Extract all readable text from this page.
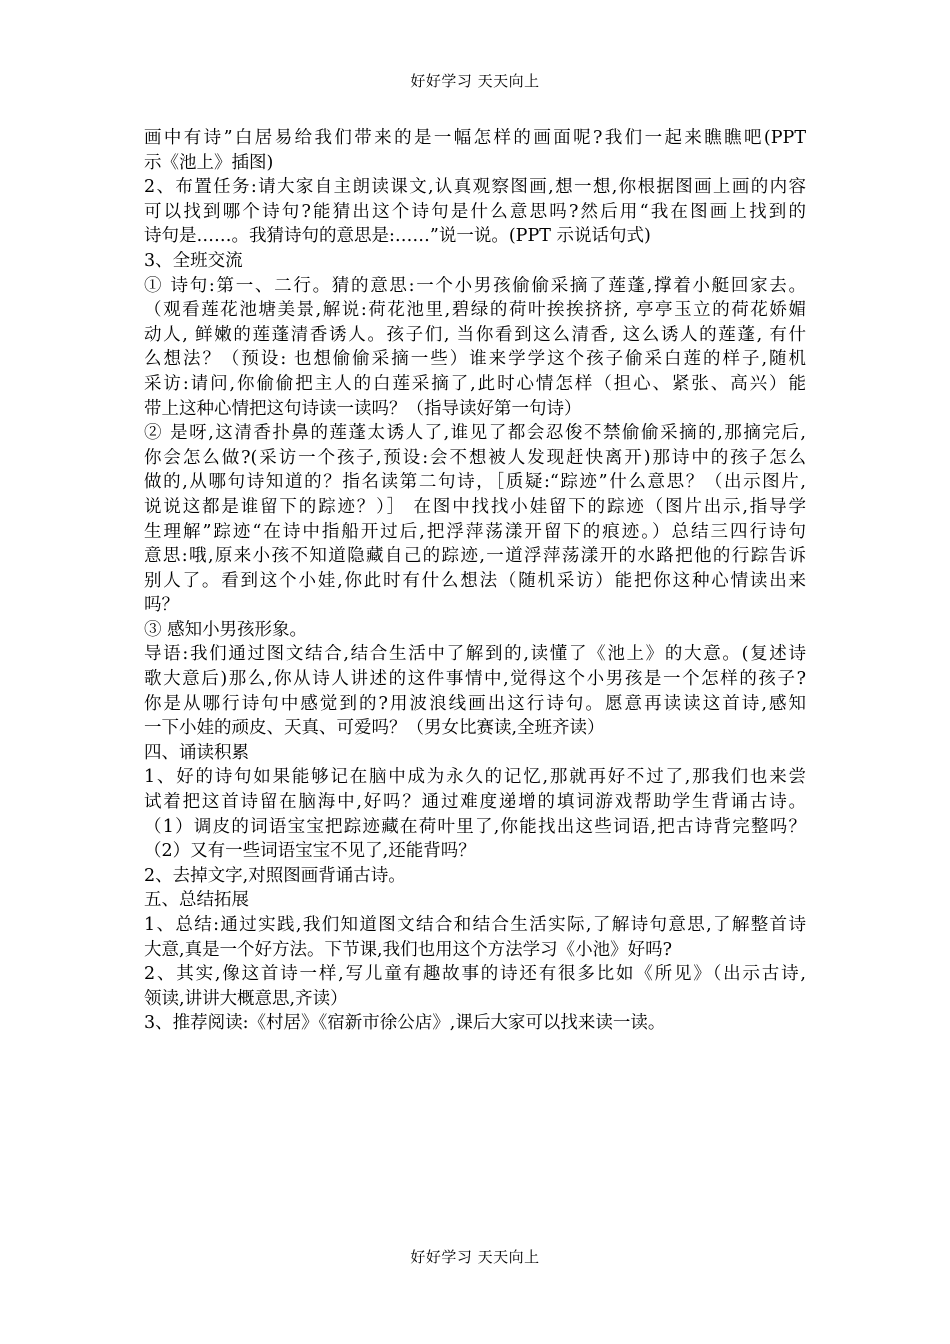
好好学习 天天向上
画中有诗”白居易给我们带来的是一幅怎样的画面呢?我们一起来瞧瞧吧(PPT
示《池上》插图)
2、布置任务:请大家自主朗读课文,认真观察图画,想一想,你根据图画上画的内容
可以找到哪个诗句?能猜出这个诗句是什么意思吗?然后用“我在图画上找到的
诗句是……。我猜诗句的意思是:……”说一说。(PPT 示说话句式)
3、全班交流
① 诗句:第一、二行。猜的意思:一个小男孩偷偷采摘了莲蓬,撑着小艇回家去。
（观看莲花池塘美景,解说:荷花池里,碧绿的荷叶挨挨挤挤, 亭亭玉立的荷花娇媚
动人, 鲜嫩的莲蓬清香诱人。孩子们, 当你看到这么清香, 这么诱人的莲蓬, 有什
么想法？（预设: 也想偷偷采摘一些）谁来学学这个孩子偷采白莲的样子,随机
采访:请问,你偷偷把主人的白莲采摘了,此时心情怎样（担心、紧张、高兴）能
带上这种心情把这句诗读一读吗？（指导读好第一句诗）
② 是呀,这清香扑鼻的莲蓬太诱人了,谁见了都会忍俊不禁偷偷采摘的,那摘完后,
你会怎么做?(采访一个孩子,预设:会不想被人发现赶快离开)那诗中的孩子怎么
做的,从哪句诗知道的？指名读第二句诗，［质疑:“踪迹”什么意思？（出示图片,
说说这都是谁留下的踪迹？）］ 在图中找找小娃留下的踪迹（图片出示,指导学
生理解”踪迹“在诗中指船开过后,把浮萍荡漾开留下的痕迹。）总结三四行诗句
意思:哦,原来小孩不知道隐藏自己的踪迹,一道浮萍荡漾开的水路把他的行踪告诉
别人了。看到这个小娃,你此时有什么想法（随机采访）能把你这种心情读出来
吗？
③ 感知小男孩形象。
导语:我们通过图文结合,结合生活中了解到的,读懂了《池上》的大意。(复述诗
歌大意后)那么,你从诗人讲述的这件事情中,觉得这个小男孩是一个怎样的孩子?
你是从哪行诗句中感觉到的?用波浪线画出这行诗句。愿意再读读这首诗,感知
一下小娃的顽皮、天真、可爱吗？（男女比赛读,全班齐读）
四、诵读积累
1、好的诗句如果能够记在脑中成为永久的记忆,那就再好不过了,那我们也来尝
试着把这首诗留在脑海中,好吗？通过难度递增的填词游戏帮助学生背诵古诗。
（1）调皮的词语宝宝把踪迹藏在荷叶里了,你能找出这些词语,把古诗背完整吗？
（2）又有一些词语宝宝不见了,还能背吗？
2、去掉文字,对照图画背诵古诗。
五、总结拓展
1、总结:通过实践,我们知道图文结合和结合生活实际,了解诗句意思,了解整首诗
大意,真是一个好方法。下节课,我们也用这个方法学习《小池》好吗?
2、其实,像这首诗一样,写儿童有趣故事的诗还有很多比如《所见》（出示古诗,
领读,讲讲大概意思,齐读）
3、推荐阅读:《村居》《宿新市徐公店》,课后大家可以找来读一读。
好好学习 天天向上
